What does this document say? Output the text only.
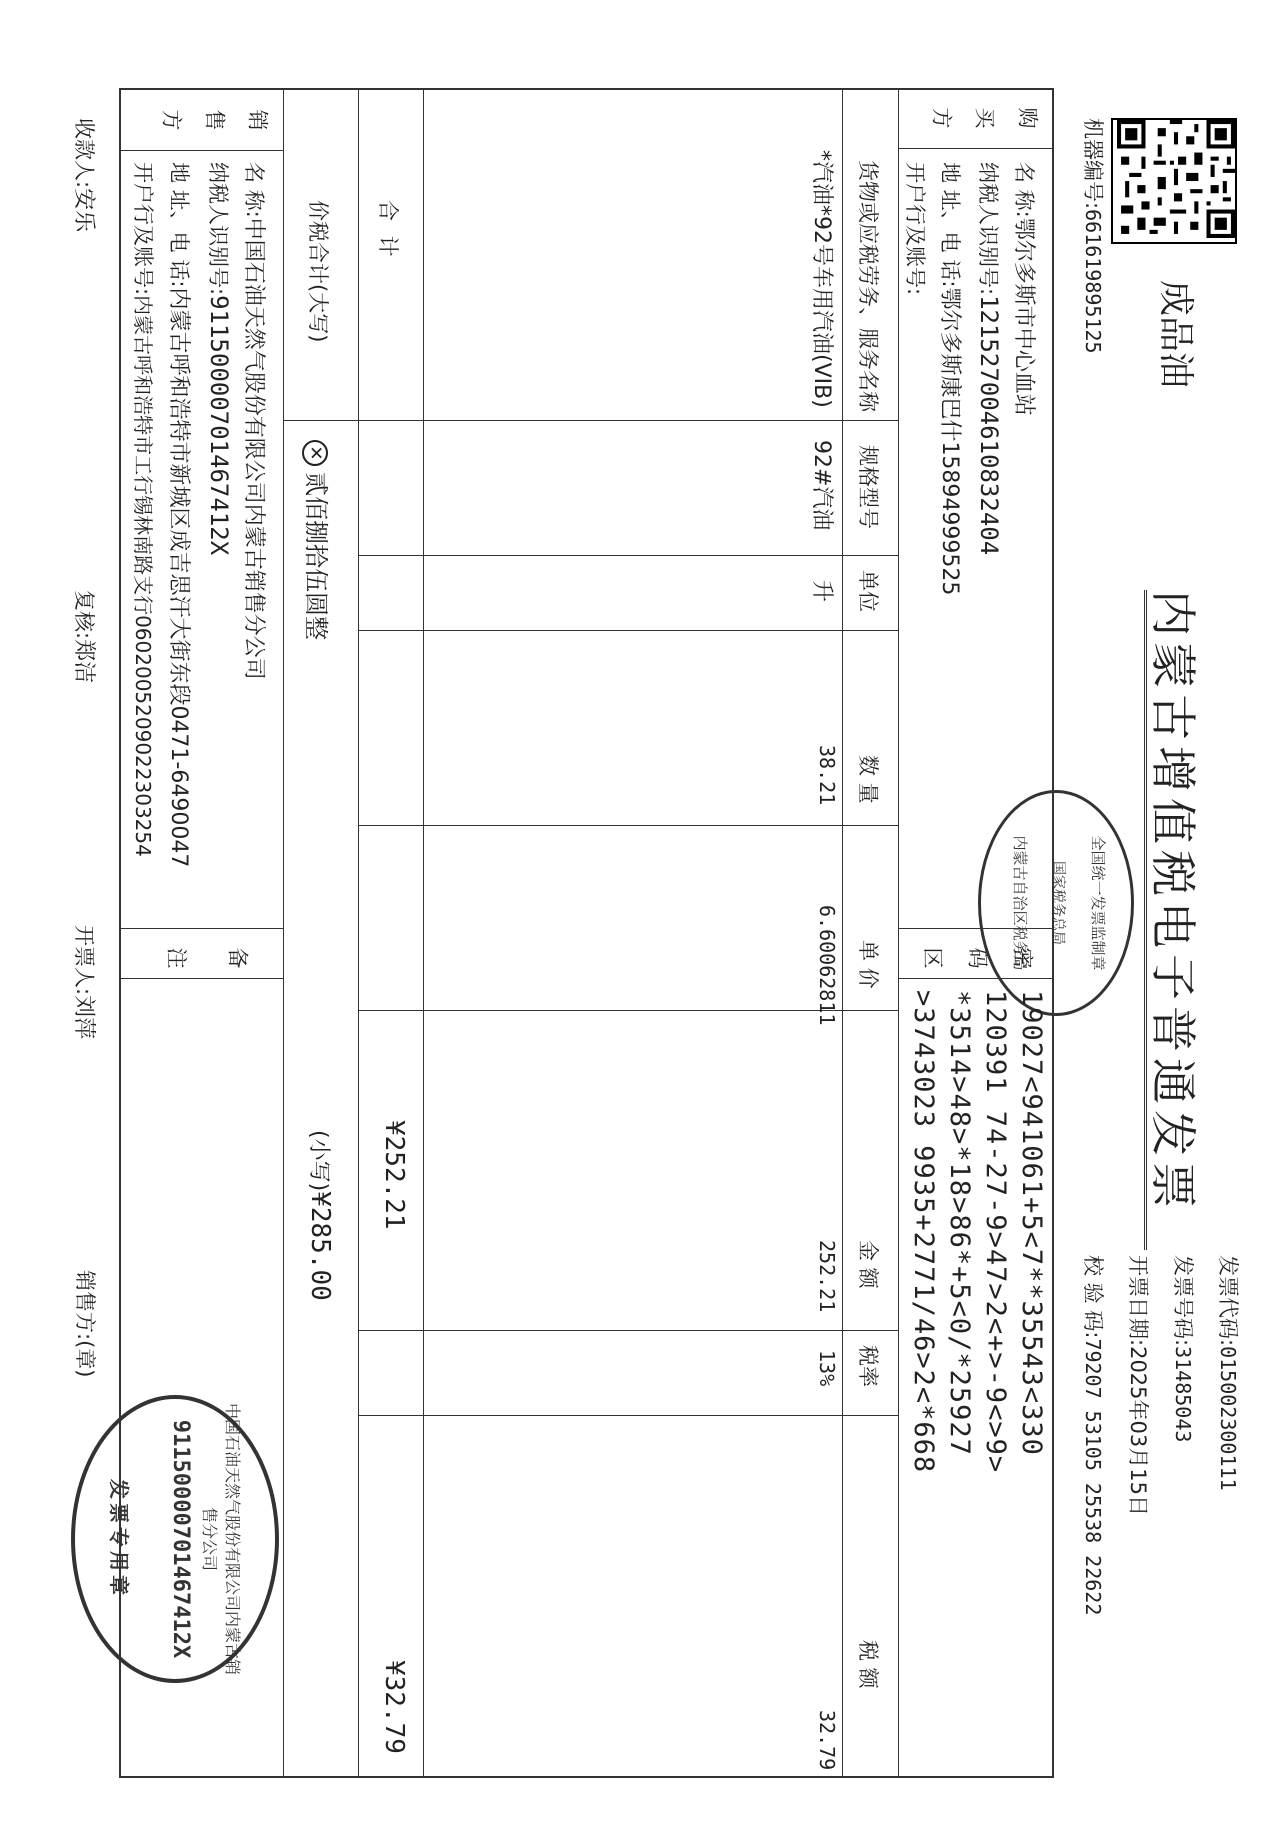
机器编号:661619895125 成品油
内蒙古增值税电子普通发票
发票代码:015002300111
发票号码:31485043
开票日期:2025年03月15日
校 验 码:79207 53105 25538 22622
全国统一发票监制章
国家税务总局
内蒙古自治区税务局
购买方
名 称:鄂尔多斯市中心血站
纳税人识别号:12152700461083240​4
地 址、电 话:鄂尔多斯康巴什15894999525
开户行及账号:
密码区
19027<941061+5<7**35543<330
120391 74-27-9>47>2<+>-9<>9>
*3514>48>*18>86*+5<0/*25927
>3743023 9935+2771/46>2<*668
货物或应税劳务、服务名称
规格型号
单位
数 量
单 价
金 额
税率
税 额
*汽油*92号车用汽油(VIB)
92#汽油
升
38.21
6.60062811
252.21
13%
32.79
合 计
¥252.21
¥32.79
价税合计(大写)
✕贰佰捌拾伍圆整
(小写)¥285.00
销售方
名 称:中国石油天然气股份有限公司内蒙古销售分公司
纳税人识别号:91150000701467412X
地 址、电 话:内蒙古呼和浩特市新城区成吉思汗大街东段0471-6490047
开户行及账号:内蒙古呼和浩特市工行锡林南路支行0602005209022303254
备注
中国石油天然气股份有限公司内蒙古销售分公司
91150000701467412X
发票专用章
收款人:安乐
复核:郑洁
开票人:刘萍
销售方:(章)
